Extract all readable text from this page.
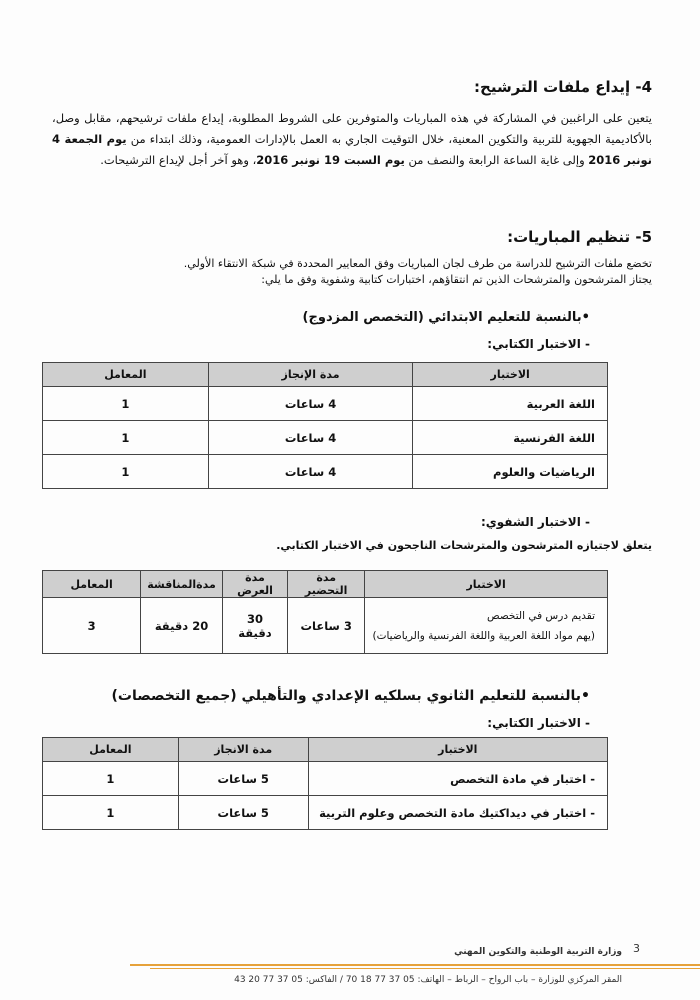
4- إيداع ملفات الترشيح:
يتعين على الراغبين في المشاركة في هذه المباريات والمتوفرين على الشروط المطلوبة، إيداع ملفات ترشيحهم، مقابل وصل، بالأكاديمية الجهوية للتربية والتكوين المعنية، خلال التوقيت الجاري به العمل بالإدارات العمومية، وذلك ابتداء من يوم الجمعة 4 نونبر 2016 وإلى غاية الساعة الرابعة والنصف من يوم السبت 19 نونبر 2016، وهو آخر أجل لإيداع الترشيحات.
5- تنظيم المباريات:
تخضع ملفات الترشيح للدراسة من طرف لجان المباريات وفق المعايير المحددة في شبكة الانتقاء الأولي.
يجتاز المترشحون والمترشحات الذين تم انتقاؤهم، اختبارات كتابية وشفوية وفق ما يلي:
•بالنسبة للتعليم الابتدائي (التخصص المزدوج)
- الاختبار الكتابي:
الاختبار	مدة الإنجاز	المعامل
اللغة العربية	4 ساعات	1
اللغة الفرنسية	4 ساعات	1
الرياضيات والعلوم	4 ساعات	1
- الاختبار الشفوي:
يتعلق لاجتيازه المترشحون والمترشحات الناجحون في الاختبار الكتابي.
الاختبار	مدة التحضير	مدة العرض	مدةالمناقشة	المعامل

تقديم درس في التخصص
(يهم مواد اللغة العربية واللغة الفرنسية والرياضيات)	3 ساعات	30 دقيقة	20 دقيقة	3
•بالنسبة للتعليم الثانوي بسلكيه الإعدادي والتأهيلي (جميع التخصصات)
- الاختبار الكتابي:
الاختبار	مدة الانجاز	المعامل
- اختبار في مادة التخصص	5 ساعات	1
- اختبار في ديداكتيك مادة التخصص وعلوم التربية	5 ساعات	1
3
وزارة التربية الوطنية والتكوين المهني
المقر المركزي للوزارة – باب الرواح – الرباط – الهاتف: 05 37 77 18 70 / الفاكس: 05 37 77 20 43
